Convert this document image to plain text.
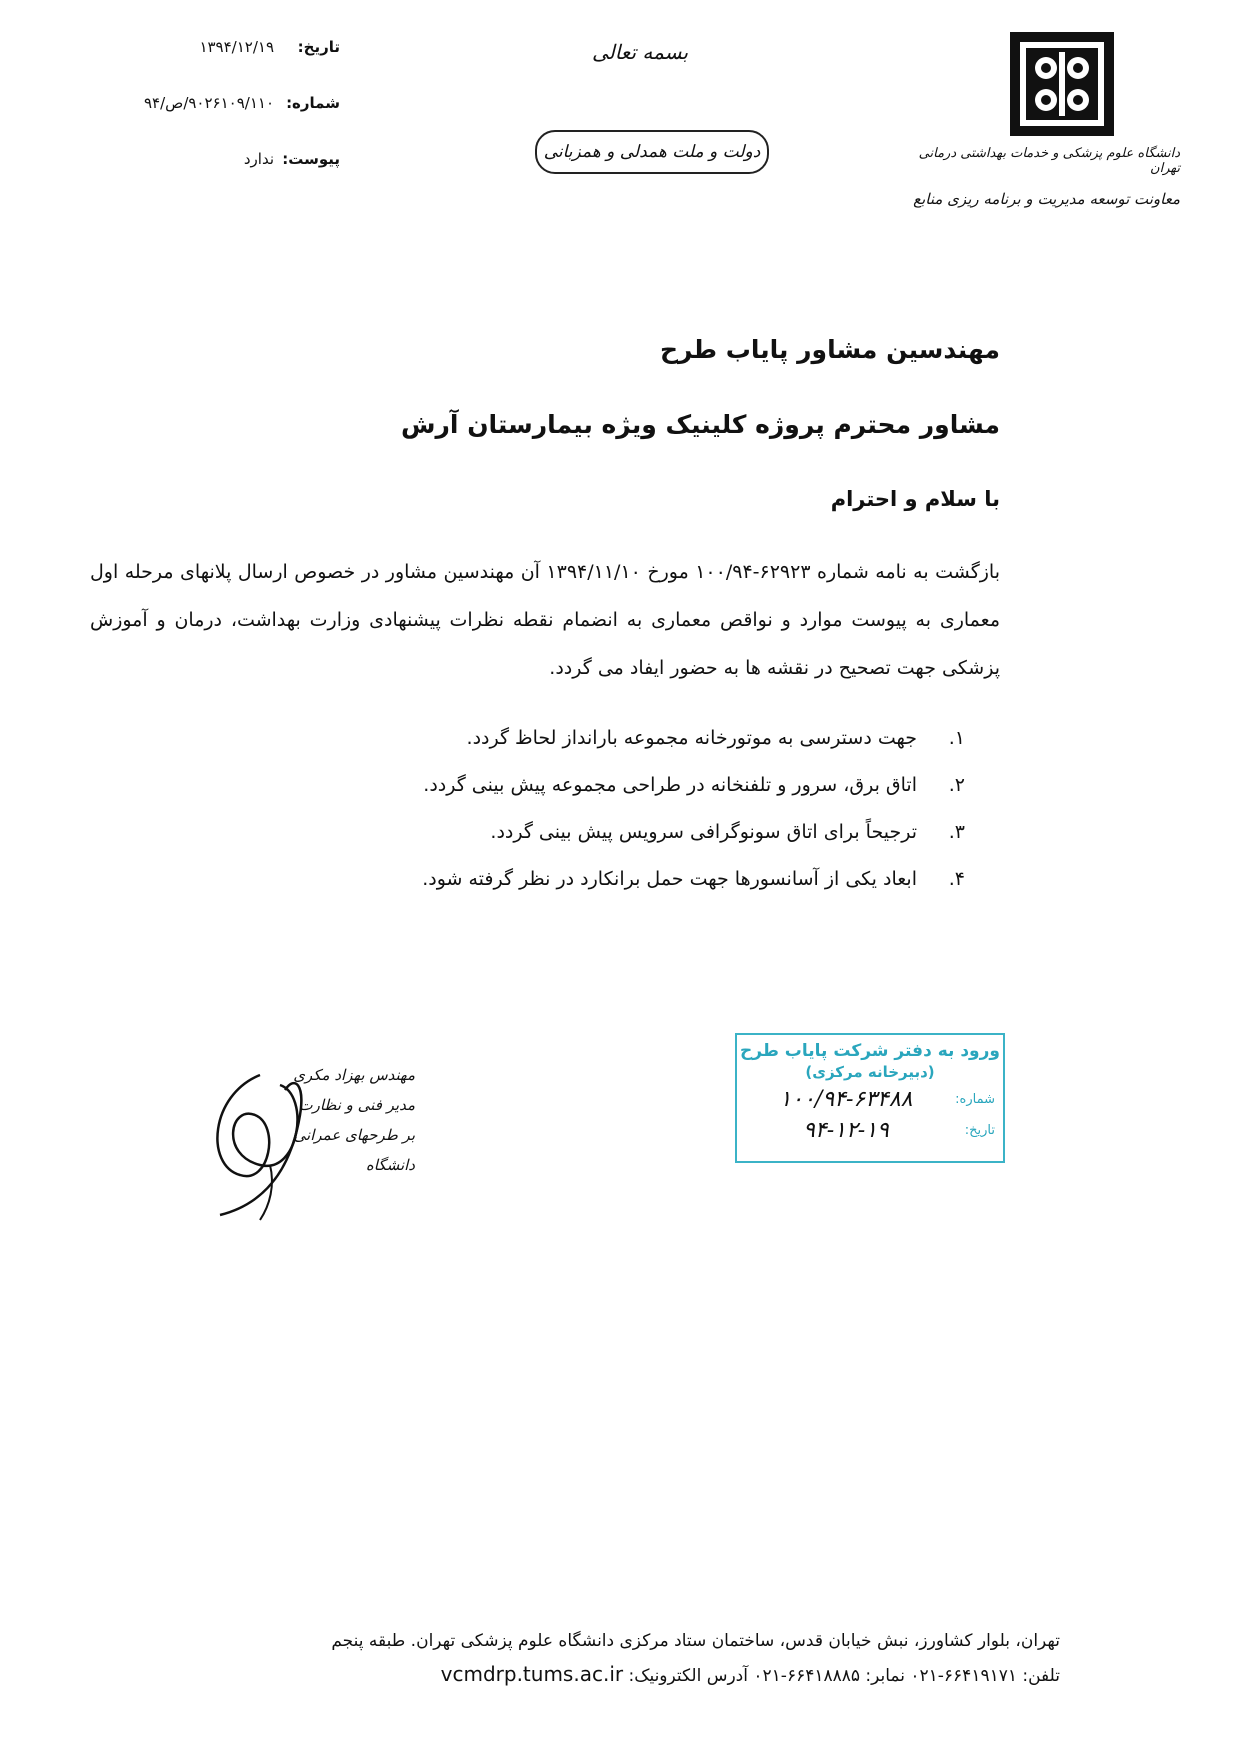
تاریخ:
۱۳۹۴/۱۲/۱۹
شماره:
۹۰۲۶۱۰۹/۱۱۰/ص/۹۴
پیوست:
ندارد
بسمه تعالی
دولت و ملت همدلی و همزبانی	دانشگاه علوم پزشکی و خدمات بهداشتی درمانی تهران
معاونت توسعه مدیریت و برنامه ریزی منابع
مهندسین مشاور پایاب طرح
مشاور محترم پروژه کلینیک ویژه بیمارستان آرش
با سلام و احترام
بازگشت به نامه شماره ۶۲۹۲۳-۱۰۰/۹۴ مورخ ۱۳۹۴/۱۱/۱۰ آن مهندسین مشاور در خصوص ارسال پلانهای مرحله اول معماری به پیوست موارد و نواقص معماری به انضمام نقطه نظرات پیشنهادی وزارت بهداشت، درمان و آموزش پزشکی جهت تصحیح در نقشه ها به حضور ایفاد می گردد.
۱.
جهت دسترسی به موتورخانه مجموعه بارانداز لحاظ گردد.
۲.
اتاق برق، سرور و تلفنخانه در طراحی مجموعه پیش بینی گردد.
۳.
ترجیحاً برای اتاق سونوگرافی سرویس پیش بینی گردد.
۴.
ابعاد یکی از آسانسورها جهت حمل برانکارد در نظر گرفته شود.
ورود به دفتر شرکت پایاب طرح
(دبیرخانه مرکزی)
شماره:
۱۰۰/۹۴-۶۳۴۸۸
تاریخ:
۹۴-۱۲-۱۹
مهندس بهزاد مکری
مدیر فنی و نظارت
بر طرحهای عمرانی دانشگاه
تهران، بلوار کشاورز، نبش خیابان قدس، ساختمان ستاد مرکزی دانشگاه علوم پزشکی تهران. طبقه پنجم
تلفن: ۶۶۴۱۹۱۷۱-۰۲۱ نمابر: ۶۶۴۱۸۸۸۵-۰۲۱ آدرس الکترونیک: vcmdrp.tums.ac.ir
